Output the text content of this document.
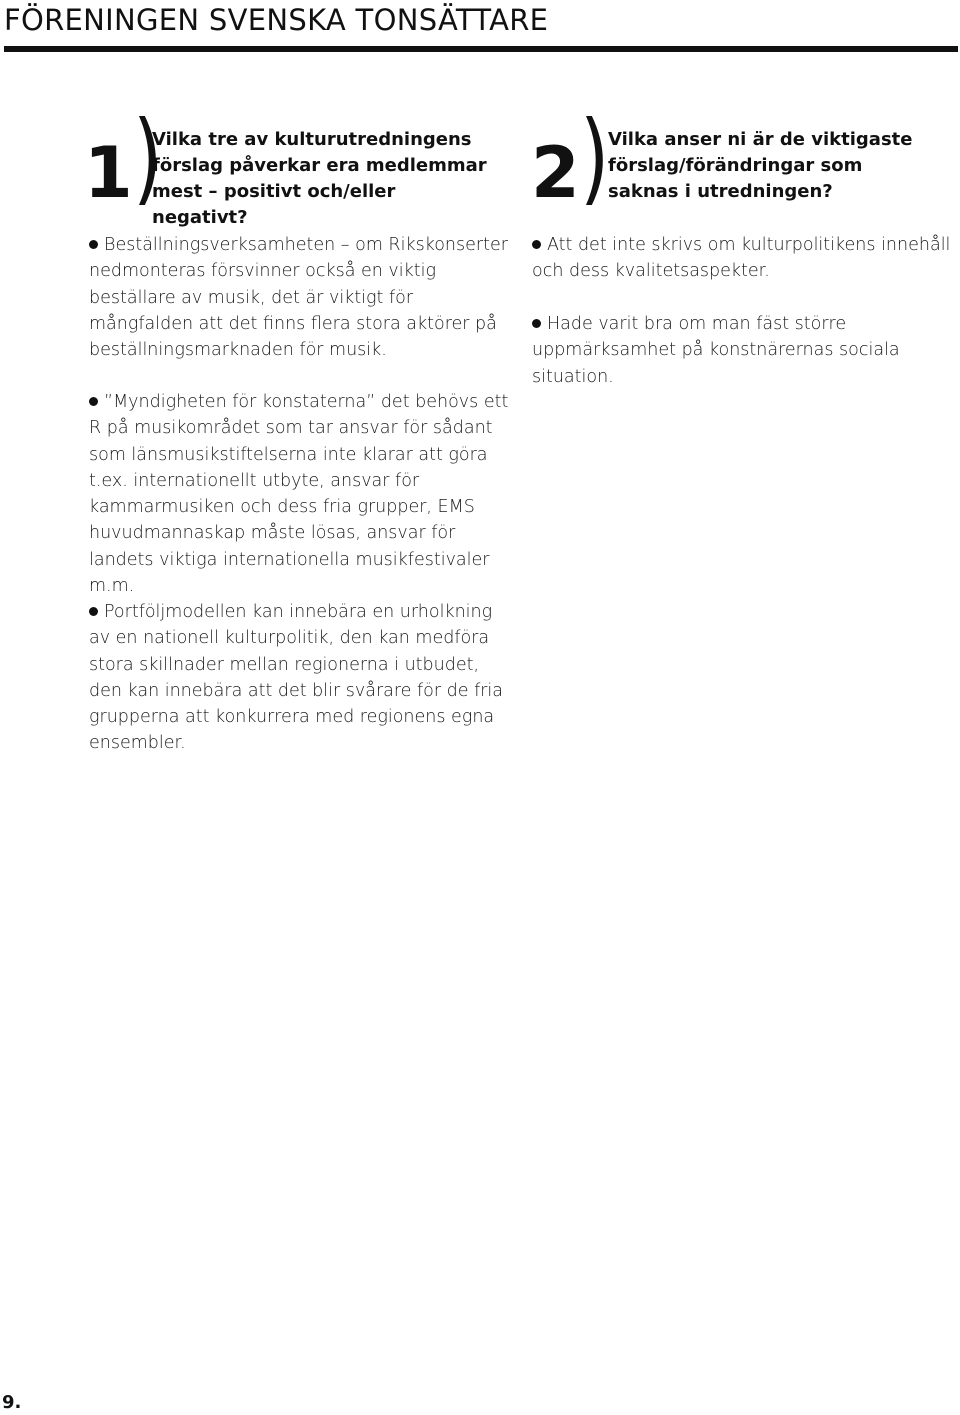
FÖRENINGEN SVENSKA TONSÄTTARE
1)
Vilka tre av kulturutredningens förslag påverkar era medlemmar mest – positivt och/eller negativt?
Beställningsverksamheten – om Rikskonserter nedmonteras försvinner också en viktig beställare av musik, det är viktigt för mångfalden att det finns flera stora aktörer på beställningsmarknaden för musik.
”Myndigheten för konstaterna” det behövs ett R på musikområdet som tar ansvar för sådant som länsmusikstiftelserna inte klarar att göra t.ex. internationellt utbyte, ansvar för kammarmusiken och dess fria grupper, EMS huvudmannaskap måste lösas, ansvar för landets viktiga internationella musikfestivaler m.m.
Portföljmodellen kan innebära en urholkning av en nationell kulturpolitik, den kan medföra stora skillnader mellan regionerna i utbudet, den kan innebära att det blir svårare för de fria grupperna att konkurrera med regionens egna ensembler.
2) Vilka anser ni är de viktigaste förslag/förändringar som saknas i utredningen?
Att det inte skrivs om kulturpolitikens innehåll och dess kvalitetsaspekter.
Hade varit bra om man fäst större uppmärksamhet på konstnärernas sociala situation.
9.
